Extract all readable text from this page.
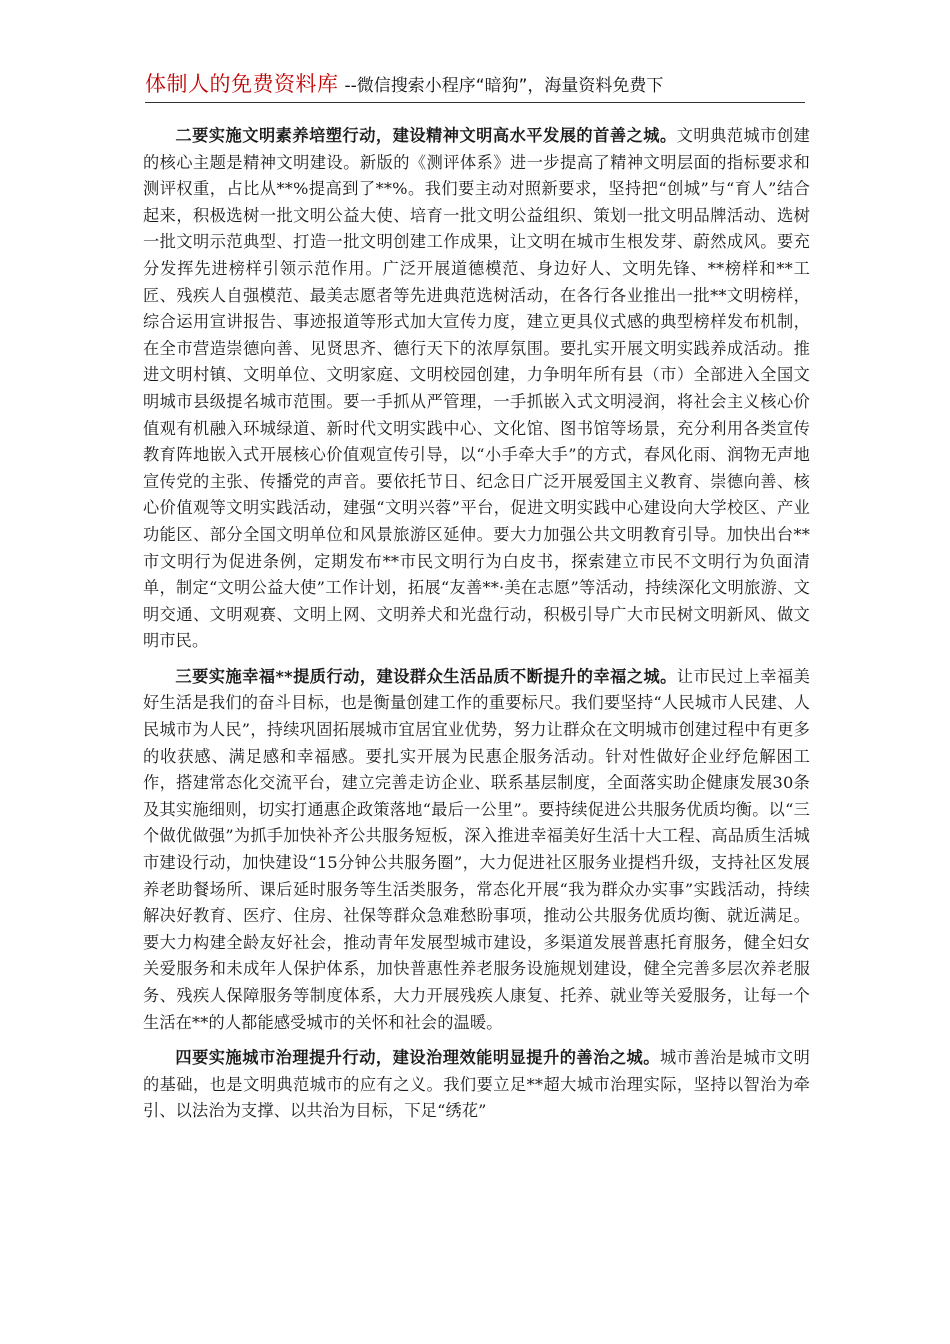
体制人的免费资料库 --微信搜索小程序“暗狗”，海量资料免费下

二要实施文明素养培塑行动，建设精神文明高水平发展的首善之城。文明典范城市创建的核心主题是精神文明建设。新版的《测评体系》进一步提高了精神文明层面的指标要求和测评权重，占比从**%提高到了**%。我们要主动对照新要求，坚持把“创城”与“育人”结合起来，积极选树一批文明公益大使、培育一批文明公益组织、策划一批文明品牌活动、选树一批文明示范典型、打造一批文明创建工作成果，让文明在城市生根发芽、蔚然成风。要充分发挥先进榜样引领示范作用。广泛开展道德模范、身边好人、文明先锋、**榜样和**工匠、残疾人自强模范、最美志愿者等先进典范选树活动，在各行各业推出一批**文明榜样，综合运用宣讲报告、事迹报道等形式加大宣传力度，建立更具仪式感的典型榜样发布机制，在全市营造崇德向善、见贤思齐、德行天下的浓厚氛围。要扎实开展文明实践养成活动。推进文明村镇、文明单位、文明家庭、文明校园创建，力争明年所有县（市）全部进入全国文明城市县级提名城市范围。要一手抓从严管理，一手抓嵌入式文明浸润，将社会主义核心价值观有机融入环城绿道、新时代文明实践中心、文化馆、图书馆等场景，充分利用各类宣传教育阵地嵌入式开展核心价值观宣传引导，以“小手牵大手”的方式，春风化雨、润物无声地宣传党的主张、传播党的声音。要依托节日、纪念日广泛开展爱国主义教育、崇德向善、核心价值观等文明实践活动，建强“文明兴蓉”平台，促进文明实践中心建设向大学校区、产业功能区、部分全国文明单位和风景旅游区延伸。要大力加强公共文明教育引导。加快出台**市文明行为促进条例，定期发布**市民文明行为白皮书，探索建立市民不文明行为负面清单，制定“文明公益大使”工作计划，拓展“友善**·美在志愿”等活动，持续深化文明旅游、文明交通、文明观赛、文明上网、文明养犬和光盘行动，积极引导广大市民树文明新风、做文明市民。

三要实施幸福**提质行动，建设群众生活品质不断提升的幸福之城。让市民过上幸福美好生活是我们的奋斗目标，也是衡量创建工作的重要标尺。我们要坚持“人民城市人民建、人民城市为人民”，持续巩固拓展城市宜居宜业优势，努力让群众在文明城市创建过程中有更多的收获感、满足感和幸福感。要扎实开展为民惠企服务活动。针对性做好企业纾危解困工作，搭建常态化交流平台，建立完善走访企业、联系基层制度，全面落实助企健康发展30条及其实施细则，切实打通惠企政策落地“最后一公里”。要持续促进公共服务优质均衡。以“三个做优做强”为抓手加快补齐公共服务短板，深入推进幸福美好生活十大工程、高品质生活城市建设行动，加快建设“15分钟公共服务圈”，大力促进社区服务业提档升级，支持社区发展养老助餐场所、课后延时服务等生活类服务，常态化开展“我为群众办实事”实践活动，持续解决好教育、医疗、住房、社保等群众急难愁盼事项，推动公共服务优质均衡、就近满足。要大力构建全龄友好社会，推动青年发展型城市建设，多渠道发展普惠托育服务，健全妇女关爱服务和未成年人保护体系，加快普惠性养老服务设施规划建设，健全完善多层次养老服务、残疾人保障服务等制度体系，大力开展残疾人康复、托养、就业等关爱服务，让每一个生活在**的人都能感受城市的关怀和社会的温暖。

四要实施城市治理提升行动，建设治理效能明显提升的善治之城。城市善治是城市文明的基础，也是文明典范城市的应有之义。我们要立足**超大城市治理实际，坚持以智治为牵引、以法治为支撑、以共治为目标，下足“绣花”
